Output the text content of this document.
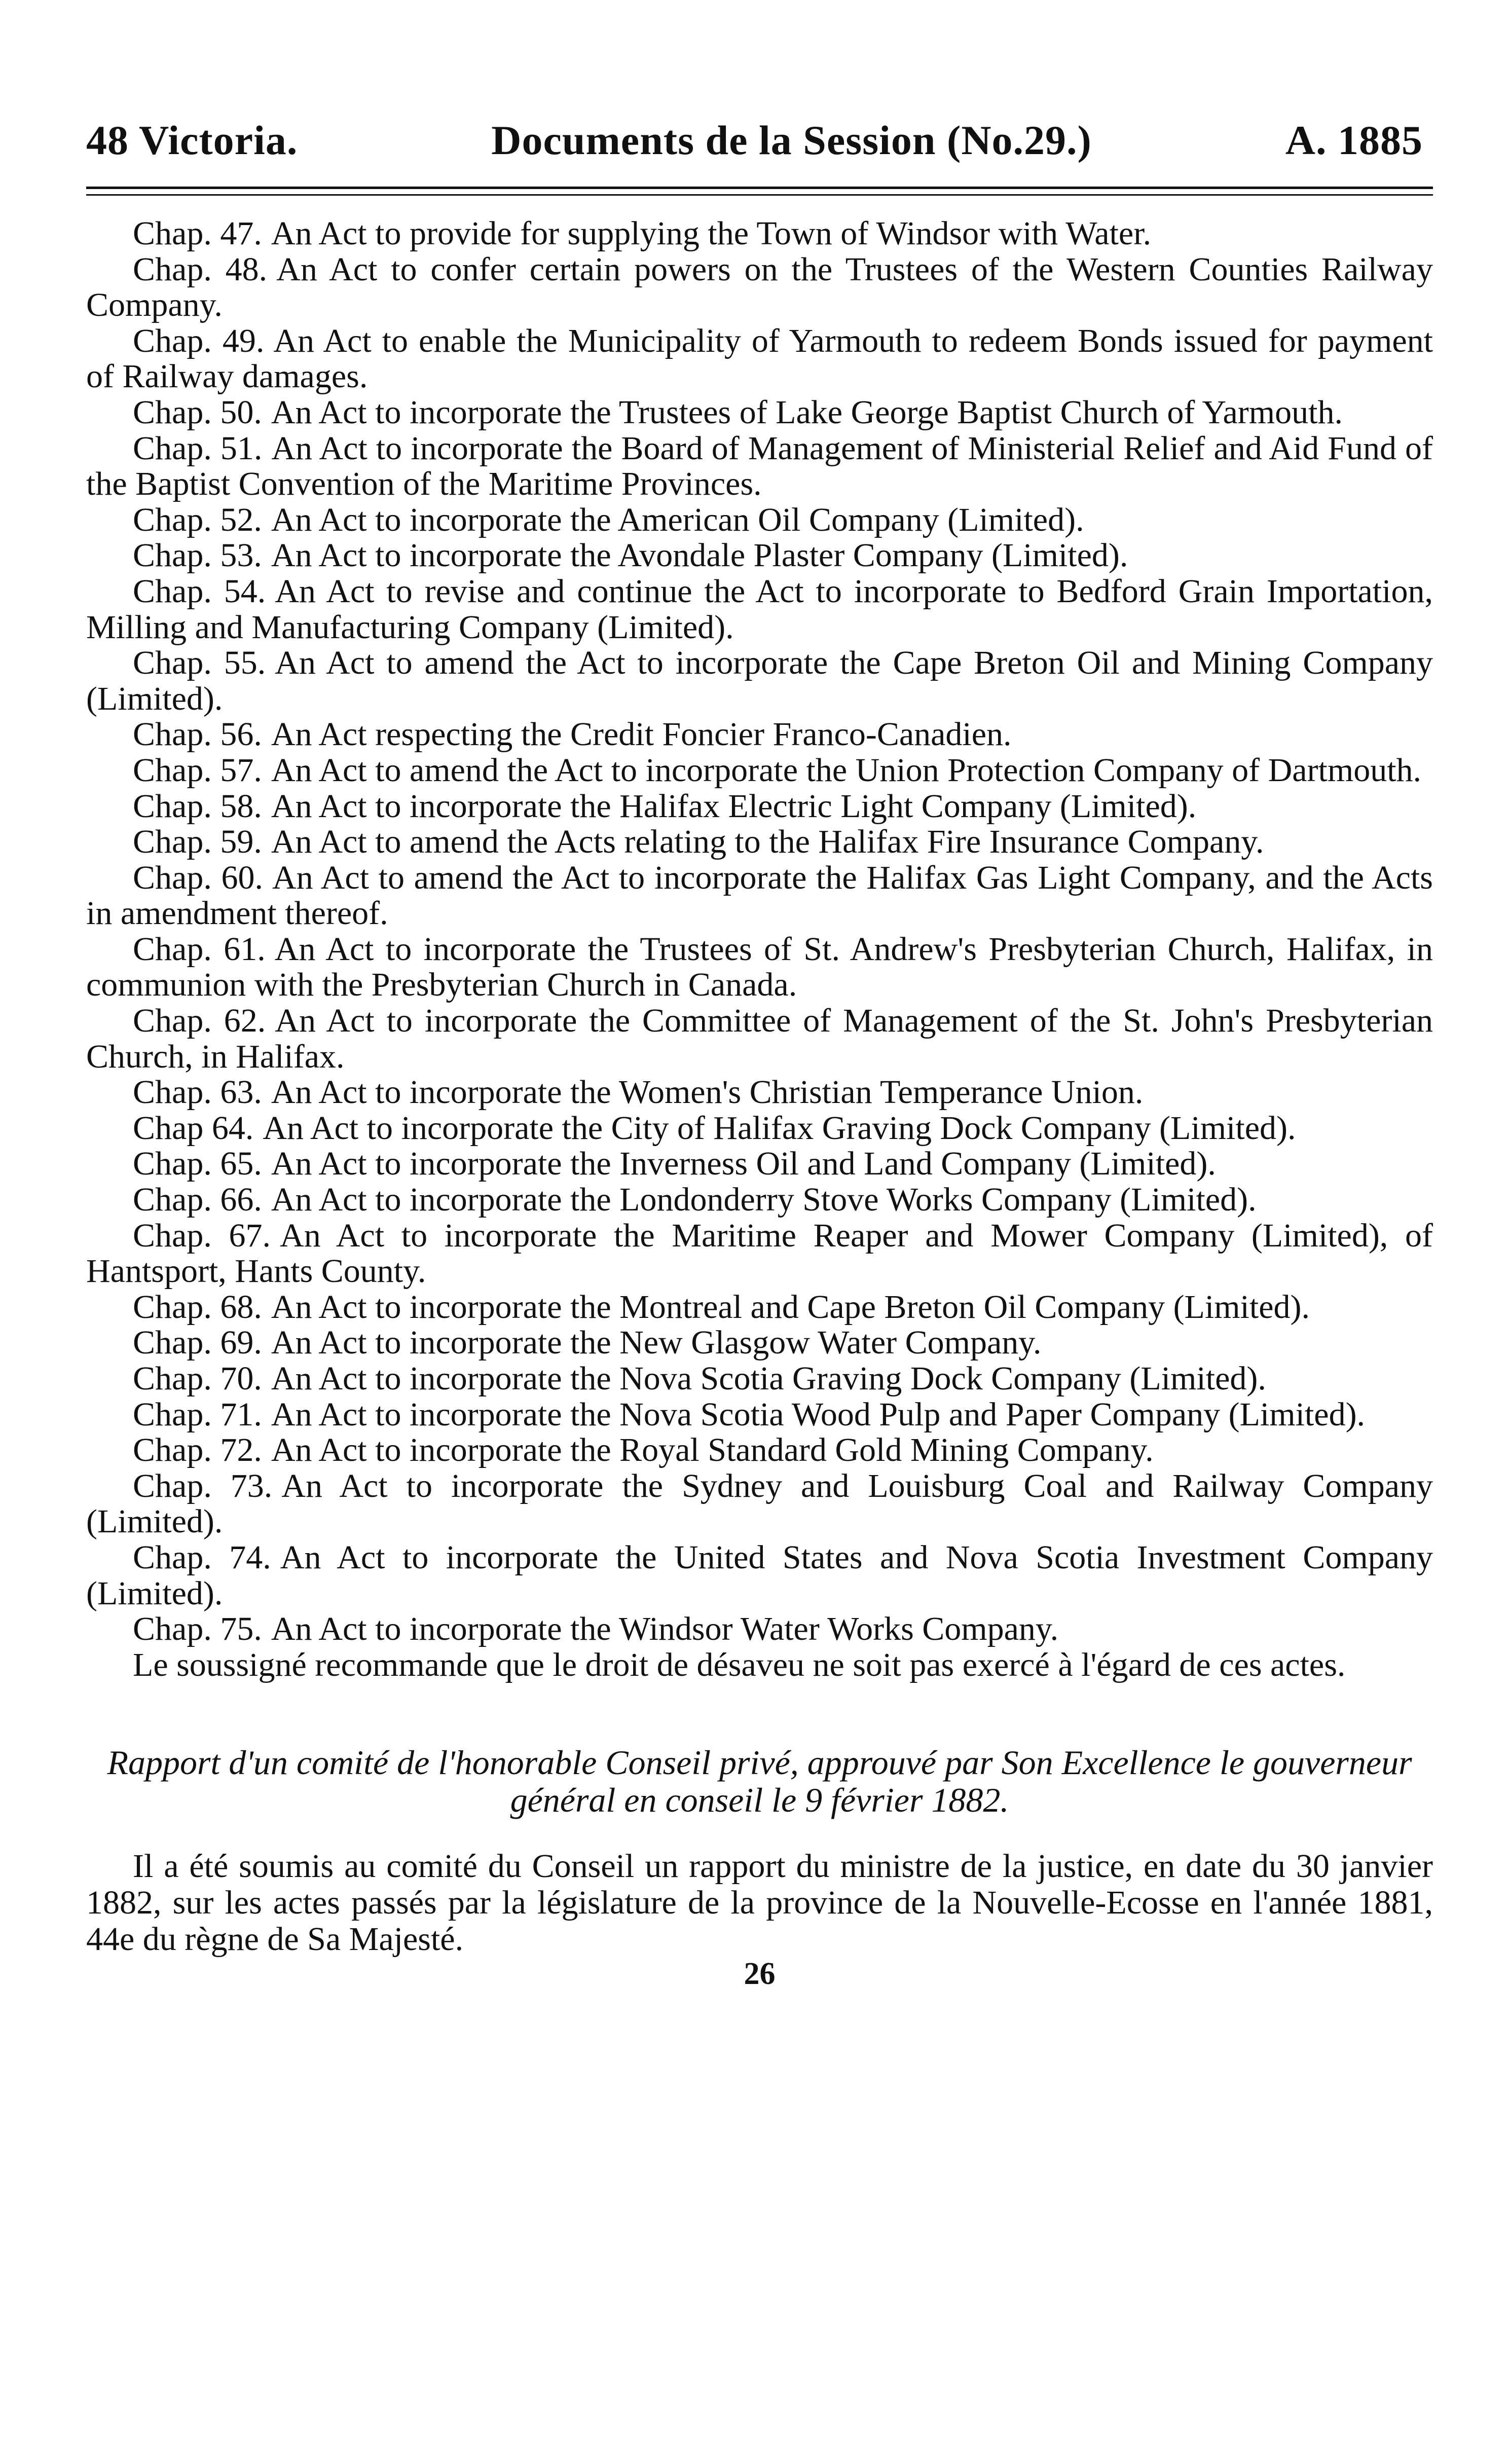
48 Victoria.	Documents de la Session (No.29.)	A. 1885

Chap. 47. An Act to provide for supplying the Town of Windsor with Water.

Chap. 48. An Act to confer certain powers on the Trustees of the Western Counties Railway Company.

Chap. 49. An Act to enable the Municipality of Yarmouth to redeem Bonds issued for payment of Railway damages.

Chap. 50. An Act to incorporate the Trustees of Lake George Baptist Church of Yarmouth.

Chap. 51. An Act to incorporate the Board of Management of Ministerial Relief and Aid Fund of the Baptist Convention of the Maritime Provinces.

Chap. 52. An Act to incorporate the American Oil Company (Limited).

Chap. 53. An Act to incorporate the Avondale Plaster Company (Limited).

Chap. 54. An Act to revise and continue the Act to incorporate to Bedford Grain Importation, Milling and Manufacturing Company (Limited).

Chap. 55. An Act to amend the Act to incorporate the Cape Breton Oil and Mining Company (Limited).

Chap. 56. An Act respecting the Credit Foncier Franco-Canadien.

Chap. 57. An Act to amend the Act to incorporate the Union Protection Company of Dartmouth.

Chap. 58. An Act to incorporate the Halifax Electric Light Company (Limited).

Chap. 59. An Act to amend the Acts relating to the Halifax Fire Insurance Company.

Chap. 60. An Act to amend the Act to incorporate the Halifax Gas Light Company, and the Acts in amendment thereof.

Chap. 61. An Act to incorporate the Trustees of St. Andrew's Presbyterian Church, Halifax, in communion with the Presbyterian Church in Canada.

Chap. 62. An Act to incorporate the Committee of Management of the St. John's Presbyterian Church, in Halifax.

Chap. 63. An Act to incorporate the Women's Christian Temperance Union.

Chap 64. An Act to incorporate the City of Halifax Graving Dock Company (Limited).

Chap. 65. An Act to incorporate the Inverness Oil and Land Company (Limited).

Chap. 66. An Act to incorporate the Londonderry Stove Works Company (Limited).

Chap. 67. An Act to incorporate the Maritime Reaper and Mower Company (Limited), of Hantsport, Hants County.

Chap. 68. An Act to incorporate the Montreal and Cape Breton Oil Company (Limited).

Chap. 69. An Act to incorporate the New Glasgow Water Company.

Chap. 70. An Act to incorporate the Nova Scotia Graving Dock Company (Limited).

Chap. 71. An Act to incorporate the Nova Scotia Wood Pulp and Paper Company (Limited).

Chap. 72. An Act to incorporate the Royal Standard Gold Mining Company.

Chap. 73. An Act to incorporate the Sydney and Louisburg Coal and Railway Company (Limited).

Chap. 74. An Act to incorporate the United States and Nova Scotia Investment Company (Limited).

Chap. 75. An Act to incorporate the Windsor Water Works Company.

Le soussigné recommande que le droit de désaveu ne soit pas exercé à l'égard de ces actes.

Rapport d'un comité de l'honorable Conseil privé, approuvé par Son Excellence le gouverneur général en conseil le 9 février 1882.

Il a été soumis au comité du Conseil un rapport du ministre de la justice, en date du 30 janvier 1882, sur les actes passés par la législature de la province de la Nouvelle-Ecosse en l'année 1881, 44e du règne de Sa Majesté.

26
